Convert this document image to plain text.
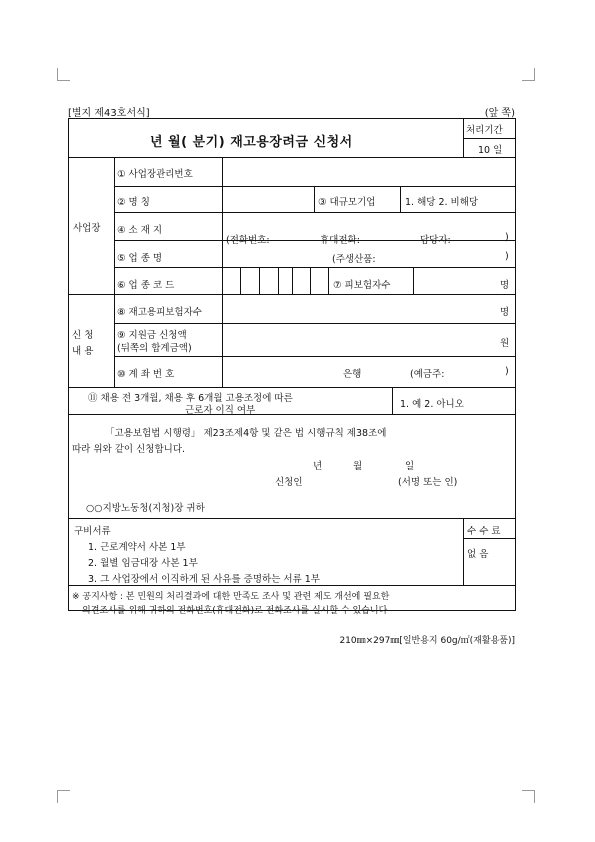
[별지 제43호서식]	(앞 쪽)
년 월( 분기) 재고용장려금 신청서
처리기간
10 일
사업장
① 사업장관리번호
② 명 칭	③ 대규모기업	1. 해당 2. 비해당
④ 소 재 지
(전화번호:	휴대전화:	담당자:	)
⑤ 업 종 명	(주생산품:	)
⑥ 업 종 코 드	⑦ 피보험자수	명
신 청
내 용
⑧ 재고용피보험자수	명
⑨ 지원금 신청액
(뒤쪽의 합계금액)	원
⑩ 계 좌 번 호	은행	(예금주:	)
⑪ 채용 전 3개월, 채용 후 6개월 고용조정에 따른
근로자 이직 여부
1. 예 2. 아니오
「고용보험법 시행령」 제23조제4항 및 같은 법 시행규칙 제38조에
따라 위와 같이 신청합니다.
년	월	일
신청인	(서명 또는 인)
○○지방노동청(지청)장 귀하
구비서류
1. 근로계약서 사본 1부
2. 월별 임금대장 사본 1부
3. 그 사업장에서 이직하게 된 사유를 증명하는 서류 1부
수 수 료
없 음
※ 공지사항 : 본 민원의 처리결과에 대한 만족도 조사 및 관련 제도 개선에 필요한
의견조사를 위해 귀하의 전화번호(휴대전화)로 전화조사를 실시할 수 있습니다
210㎜×297㎜[일반용지 60g/㎡(재활용품)]
